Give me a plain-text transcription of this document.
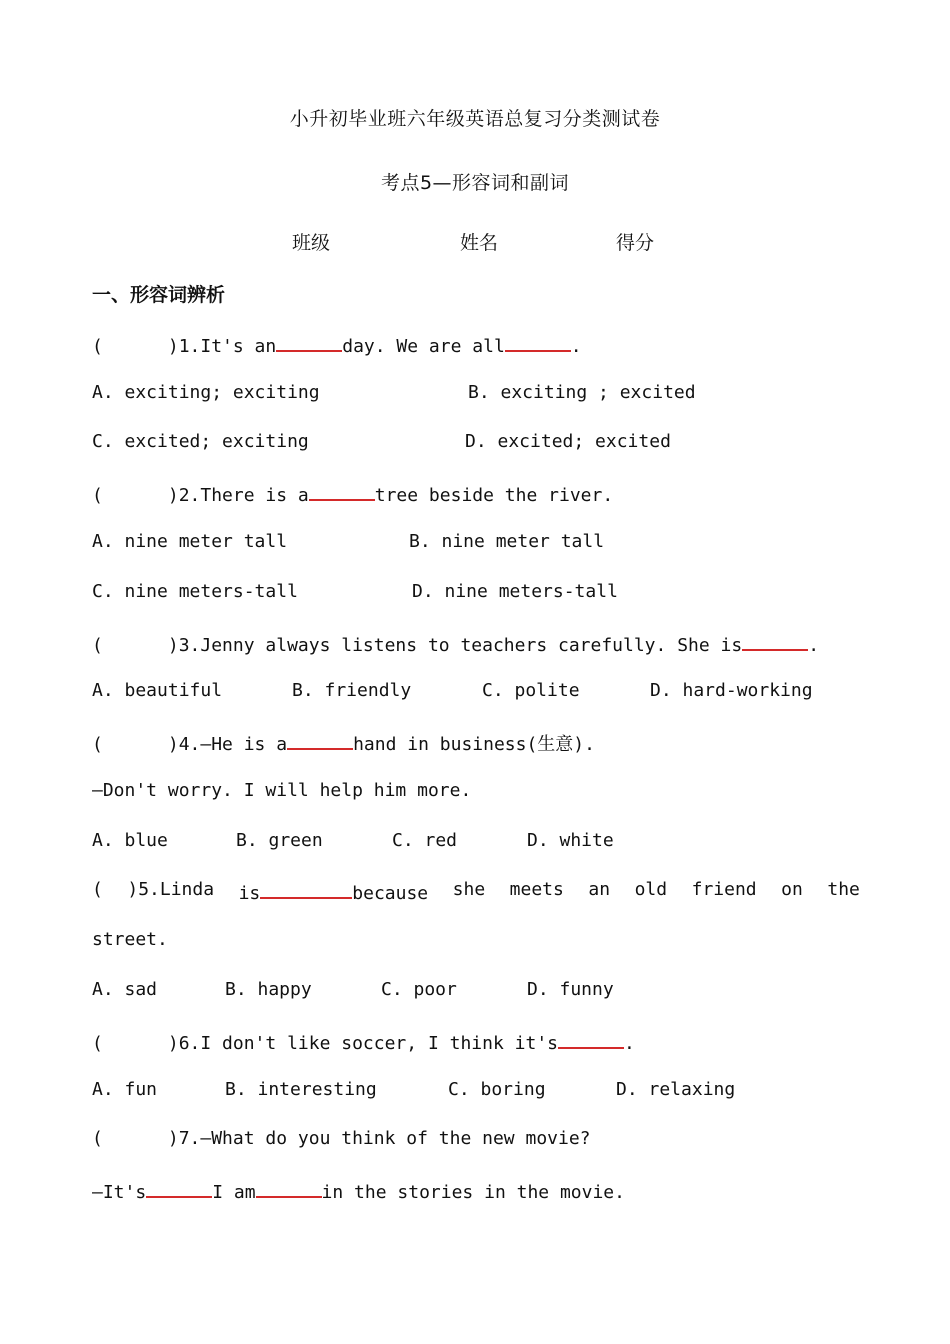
小升初毕业班六年级英语总复习分类测试卷
考点5—形容词和副词
班级	姓名	得分
一、形容词辨析
(      )1.It's an	day. We are all	.
A. exciting; exciting	B. exciting ; excited
C. excited; exciting	D. excited; excited
(      )2.There is a	tree beside the river.
A. nine meter tall	B. nine meter tall
C. nine meters-tall	D. nine meters-tall
(      )3.Jenny always listens to teachers carefully. She is	.
A. beautiful	B. friendly	C. polite	D. hard-working
(      )4.—He is a	hand in business(生意).
—Don't worry. I will help him more.
A. blue	B. green	C. red	D. white
( )5.Linda is	because she meets an old friend on the
street.
A. sad	B. happy	C. poor	D. funny
(      )6.I don't like soccer, I think it's	.
A. fun	B. interesting	C. boring	D. relaxing
(      )7.—What do you think of the new movie?
—It's	I am	in the stories in the movie.
